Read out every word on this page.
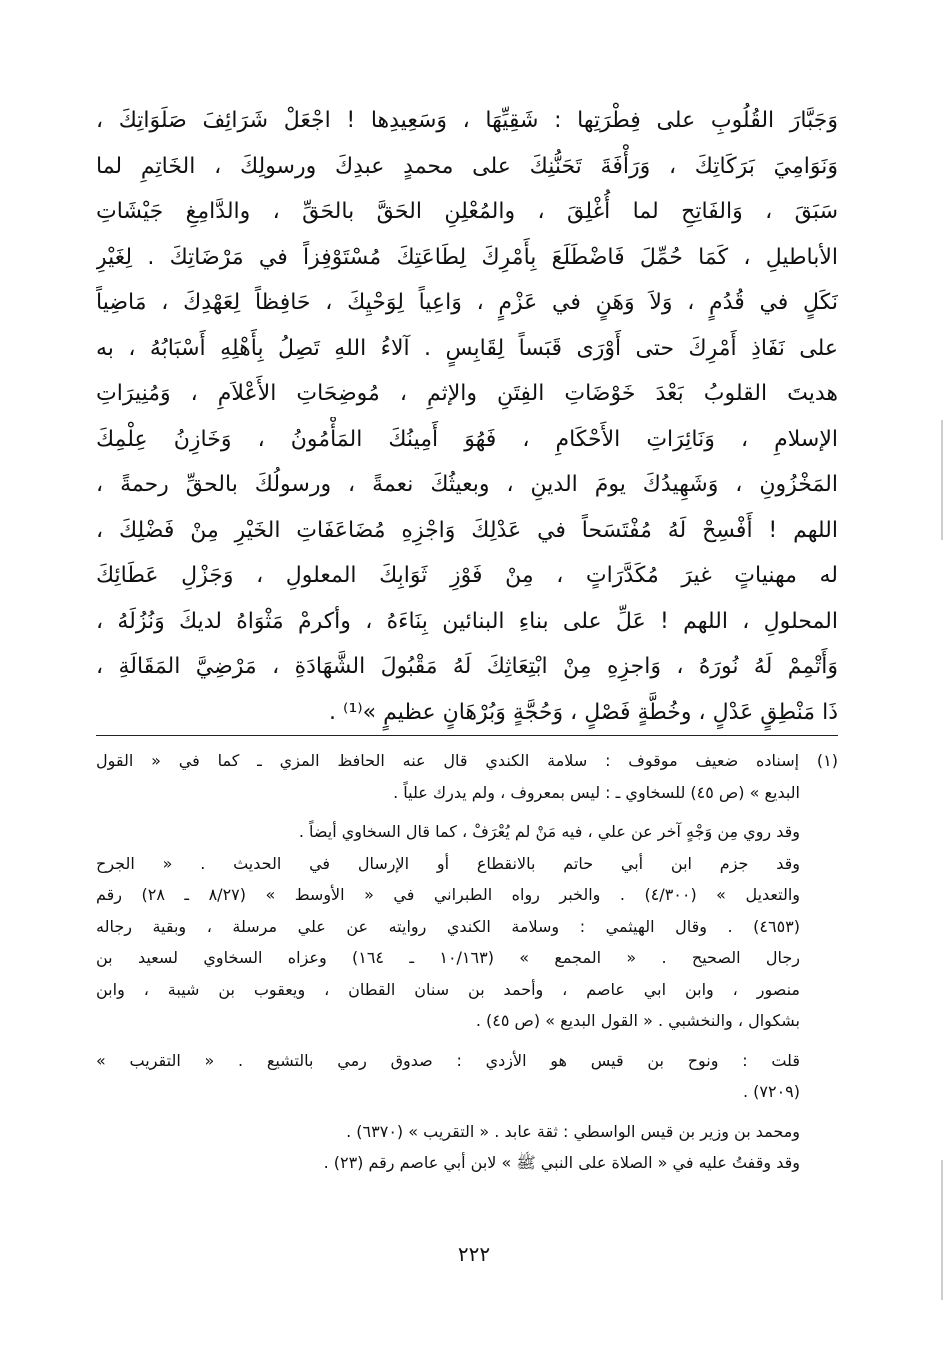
وَجَبَّارَ القُلُوبِ على فِطْرَتِها : شَقِيِّهَا ، وَسَعِيدِها ! اجْعَلْ شَرَائِفَ صَلَوَاتِكَ ،
وَنَوَامِيَ بَرَكَاتِكَ ، وَرَأْفَةَ تَحَنُّنِكَ على محمدٍ عبدِكَ ورسولِكَ ، الخَاتِمِ لما
سَبَقَ ، وَالفَاتِحِ لما أُغْلِقَ ، والمُعْلِنِ الحَقَّ بالحَقِّ ، والدَّامِغِ جَيْشَاتِ
الأباطيلِ ، كَمَا حُمِّلَ فَاضْطَلَعَ بِأَمْرِكَ لِطَاعَتِكَ مُسْتَوْفِزاً في مَرْضَاتِكَ . لِغَيْرِ
نَكَلٍ في قُدُمٍ ، وَلاَ وَهَنٍ في عَزْمٍ ، وَاعِياً لِوَحْيِكَ ، حَافِظاً لِعَهْدِكَ ، مَاضِياً
على نَفَاذِ أَمْرِكَ حتى أَوْرَى قَبَساً لِقَابِسٍ . آلاءُ اللهِ تَصِلُ بِأَهْلِهِ أَسْبَابُهُ ، به
هديتَ القلوبُ بَعْدَ خَوْضَاتِ الفِتَنِ والإثمِ ، مُوضِحَاتِ الأَعْلاَمِ ، وَمُنِيرَاتِ
الإسلامِ ، وَنَائِرَاتِ الأَحْكَامِ ، فَهُوَ أَمِينُكَ المَأْمُونُ ، وَخَازِنُ عِلْمِكَ
المَخْزُونِ ، وَشَهِيدُكَ يومَ الدينِ ، وبعيثُكَ نعمةً ، ورسولُكَ بالحقِّ رحمةً ،
اللهم ! أَفْسِحْ لَهُ مُفْتَسَحاً في عَدْلِكَ وَاجْزِهِ مُضَاعَفَاتِ الخَيْرِ مِنْ فَضْلِكَ ،
له مهنياتٍ غيرَ مُكَدَّرَاتٍ ، مِنْ فَوْزِ ثَوَابِكَ المعلولِ ، وَجَزْلِ عَطَائِكَ
المحلولِ ، اللهم ! عَلِّ على بناءِ البنائين بِنَاءَهُ ، وأكرمْ مَثْوَاهُ لديكَ وَنُزُلَهُ ،
وَأَتْمِمْ لَهُ نُورَهُ ، وَاجزِهِ مِنْ ابْتِعَاثِكَ لَهُ مَقْبُولَ الشَّهَادَةِ ، مَرْضِيَّ المَقَالَةِ ،
ذَا مَنْطِقٍ عَدْلٍ ، وخُطَّةٍ فَصْلٍ ، وَحُجَّةٍ وَبُرْهَانٍ عظيمٍ »⁽¹⁾ .
(١) إسناده ضعيف موقوف : سلامة الكندي قال عنه الحافظ المزي ـ كما في « القول
البديع » (ص ٤٥) للسخاوي ـ : ليس بمعروف ، ولم يدرك علياً .
وقد روي مِن وَجْهٍ آخر عن علي ، فيه مَنْ لم يُعْرَفْ ، كما قال السخاوي أيضاً .
وقد جزم ابن أبي حاتم بالانقطاع أو الإرسال في الحديث . « الجرح
والتعديل » (٤/٣٠٠) . والخبر رواه الطبراني في « الأوسط » (٨/٢٧ ـ ٢٨) رقم
(٤٦٥٣) . وقال الهيثمي : وسلامة الكندي روايته عن علي مرسلة ، وبقية رجاله
رجال الصحيح . « المجمع » (١٠/١٦٣ ـ ١٦٤) وعزاه السخاوي لسعيد بن
منصور ، وابن ابي عاصم ، وأحمد بن سنان القطان ، ويعقوب بن شيبة ، وابن
بشكوال ، والنخشبي . « القول البديع » (ص ٤٥) .
قلت : ونوح بن قيس هو الأزدي : صدوق رمي بالتشيع . « التقريب »
(٧٢٠٩) .
ومحمد بن وزير بن قيس الواسطي : ثقة عابد . « التقريب » (٦٣٧٠) .
وقد وقفتُ عليه في « الصلاة على النبي ﷺ » لابن أبي عاصم رقم (٢٣) .
٢٢٢
